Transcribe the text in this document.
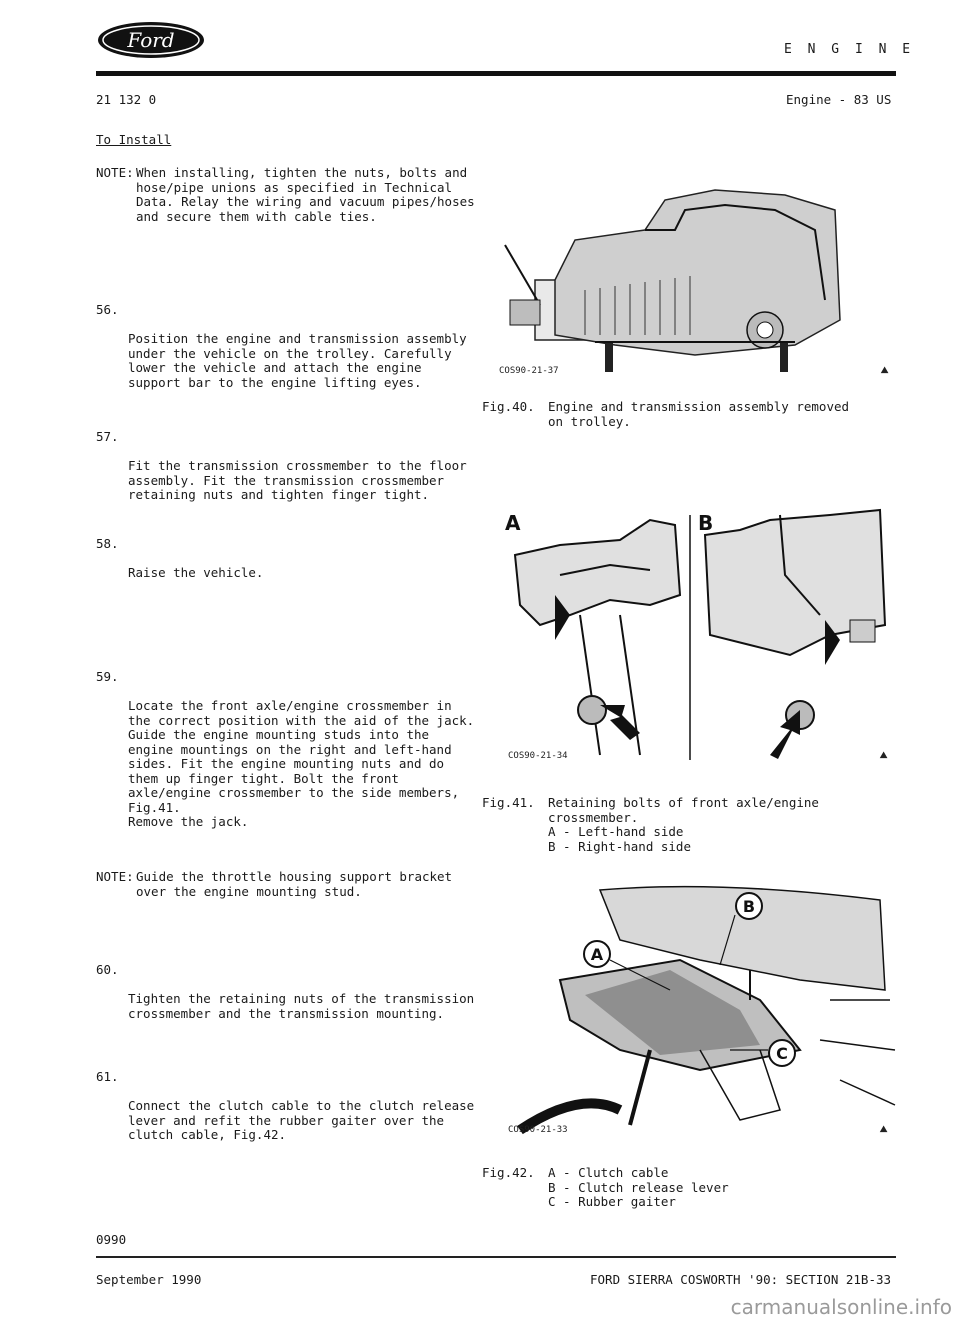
Ford	E N G I N E
21 132 0	Engine - 83 US
To Install
NOTE: When installing, tighten the nuts, bolts and hose/pipe unions as specified in Technical Data. Relay the wiring and vacuum pipes/hoses and secure them with cable ties.

56.

Position the engine and transmission assembly under the vehicle on the trolley. Carefully lower the vehicle and attach the engine support bar to the engine lifting eyes.

57.

Fit the transmission crossmember to the floor assembly. Fit the transmission crossmember retaining nuts and tighten finger tight.

58.

Raise the vehicle.

59.

Locate the front axle/engine crossmember in the correct position with the aid of the jack. Guide the engine mounting studs into the engine mountings on the right and left-hand sides. Fit the engine mounting nuts and do them up finger tight. Bolt the front axle/engine crossmember to the side members, Fig.41.
Remove the jack.

NOTE: Guide the throttle housing support bracket over the engine mounting stud.

60.

Tighten the retaining nuts of the transmission crossmember and the transmission mounting.

61.

Connect the clutch cable to the clutch release lever and refit the rubber gaiter over the clutch cable, Fig.42.

COS90-21-37	⯅
Fig.40. Engine and transmission assembly removed
on trolley.
A	B
COS90-21-34	⯅
Fig.41. Retaining bolts of front axle/engine
crossmember.
A - Left-hand side
B - Right-hand side
A
B
C
COS90-21-33	⯅
Fig.42. A - Clutch cable
B - Clutch release lever
C - Rubber gaiter
0990
September 1990	FORD SIERRA COSWORTH '90: SECTION 21B-33
carmanualsonline.info
